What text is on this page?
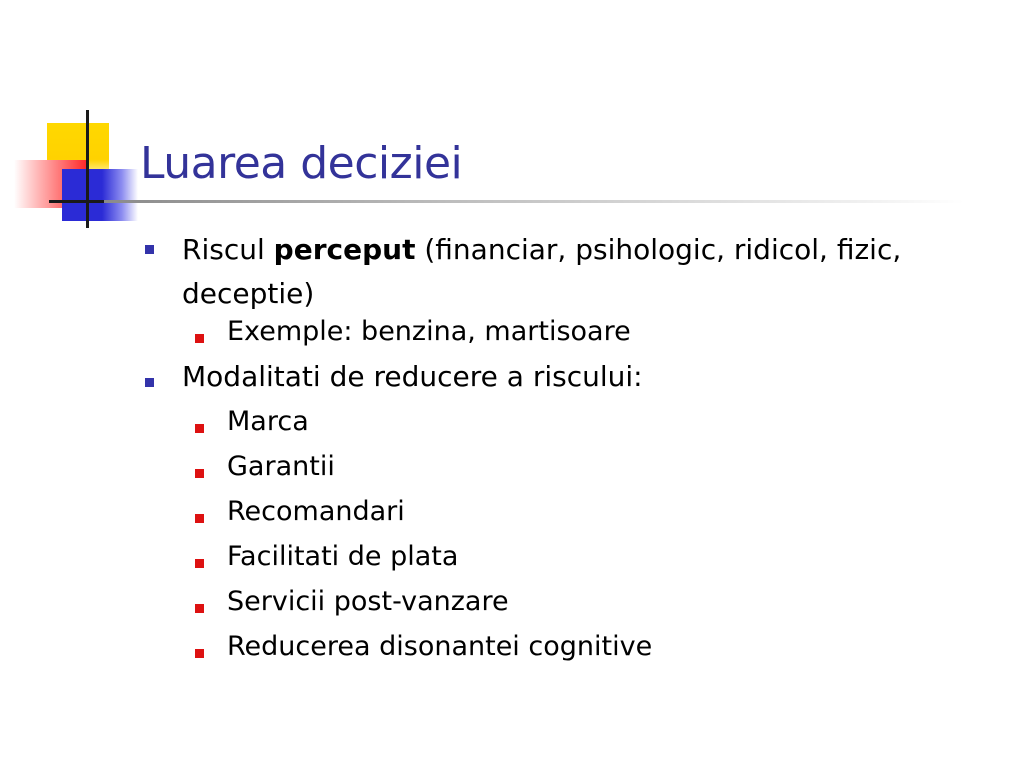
Luarea deciziei
Riscul perceput (financiar, psihologic, ridicol, fizic, deceptie)
Exemple: benzina, martisoare
Modalitati de reducere a riscului:
Marca
Garantii
Recomandari
Facilitati de plata
Servicii post-vanzare
Reducerea disonantei cognitive
